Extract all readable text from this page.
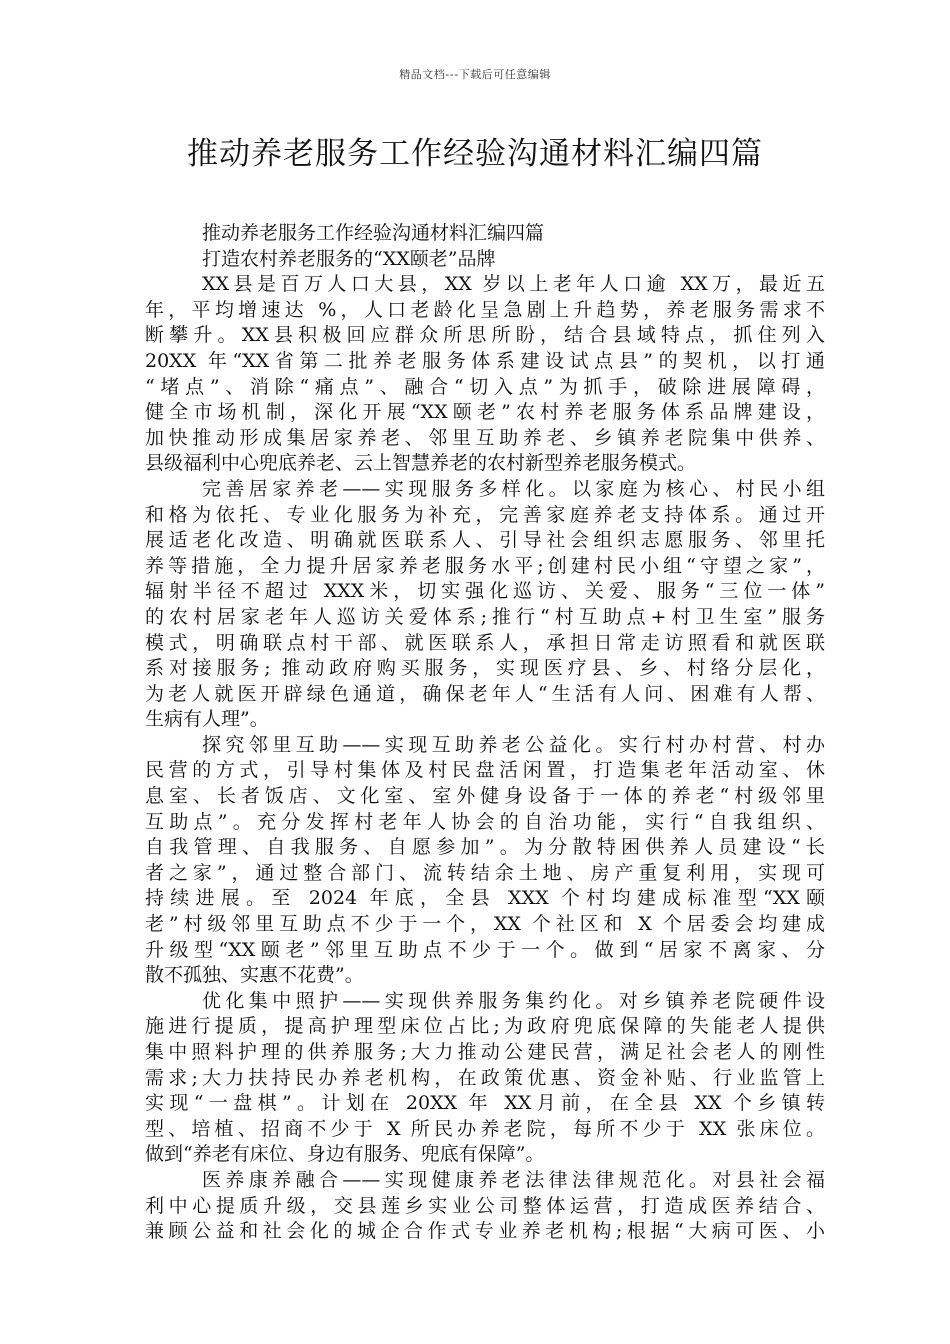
精品文档---下载后可任意编辑
推动养老服务工作经验沟通材料汇编四篇
推动养老服务工作经验沟通材料汇编四篇
打造农村养老服务的“XX颐老”品牌
XX县是百万人口大县，XX 岁以上老年人口逾 XX万，最近五
年，平均增速达 %，人口老龄化呈急剧上升趋势，养老服务需求不
断攀升。XX县积极回应群众所思所盼，结合县域特点，抓住列入
20XX 年“XX省第二批养老服务体系建设试点县”的契机，以打通
“堵点”、消除“痛点”、融合“切入点”为抓手，破除进展障碍，
健全市场机制，深化开展“XX颐老”农村养老服务体系品牌建设，
加快推动形成集居家养老、邻里互助养老、乡镇养老院集中供养、
县级福利中心兜底养老、云上智慧养老的农村新型养老服务模式。
完善居家养老——实现服务多样化。以家庭为核心、村民小组
和格为依托、专业化服务为补充，完善家庭养老支持体系。通过开
展适老化改造、明确就医联系人、引导社会组织志愿服务、邻里托
养等措施，全力提升居家养老服务水平;创建村民小组“守望之家”，
辐射半径不超过 XXX米，切实强化巡访、关爱、服务“三位一体”
的农村居家老年人巡访关爱体系;推行“村互助点+村卫生室”服务
模式，明确联点村干部、就医联系人，承担日常走访照看和就医联
系对接服务; 推动政府购买服务，实现医疗县、乡、村络分层化，
为老人就医开辟绿色通道，确保老年人“生活有人问、困难有人帮、
生病有人理”。
探究邻里互助——实现互助养老公益化。实行村办村营、村办
民营的方式，引导村集体及村民盘活闲置，打造集老年活动室、休
息室、长者饭店、文化室、室外健身设备于一体的养老“村级邻里
互助点”。充分发挥村老年人协会的自治功能，实行“自我组织、
自我管理、自我服务、自愿参加”。为分散特困供养人员建设“长
者之家”，通过整合部门、流转结余土地、房产重复利用，实现可
持续进展。至 2024 年底，全县 XXX 个村均建成标准型“XX颐
老”村级邻里互助点不少于一个，XX 个社区和 X 个居委会均建成
升级型“XX颐老”邻里互助点不少于一个。做到“居家不离家、分
散不孤独、实惠不花费”。
优化集中照护——实现供养服务集约化。对乡镇养老院硬件设
施进行提质，提高护理型床位占比;为政府兜底保障的失能老人提供
集中照料护理的供养服务;大力推动公建民营，满足社会老人的刚性
需求;大力扶持民办养老机构，在政策优惠、资金补贴、行业监管上
实现“一盘棋”。计划在 20XX 年 XX月前，在全县 XX 个乡镇转
型、培植、招商不少于 X 所民办养老院，每所不少于 XX 张床位。
做到“养老有床位、身边有服务、兜底有保障”。
医养康养融合——实现健康养老法律法律规范化。对县社会福
利中心提质升级，交县莲乡实业公司整体运营，打造成医养结合、
兼顾公益和社会化的城企合作式专业养老机构;根据“大病可医、小
